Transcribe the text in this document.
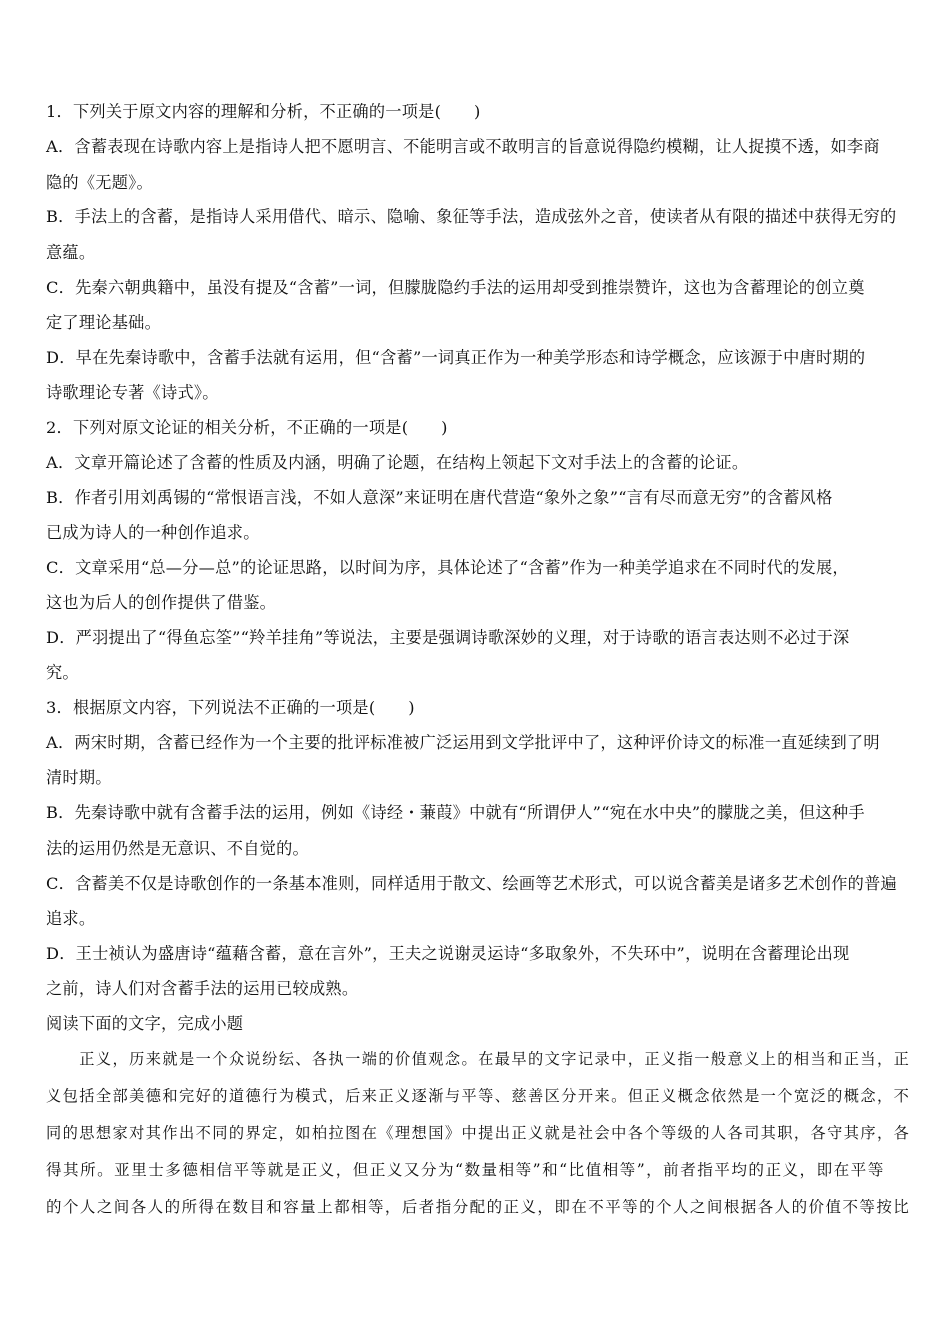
1．下列关于原文内容的理解和分析，不正确的一项是(　　)
A．含蓄表现在诗歌内容上是指诗人把不愿明言、不能明言或不敢明言的旨意说得隐约模糊，让人捉摸不透，如李商
隐的《无题》。
B．手法上的含蓄，是指诗人采用借代、暗示、隐喻、象征等手法，造成弦外之音，使读者从有限的描述中获得无穷的
意蕴。
C．先秦六朝典籍中，虽没有提及“含蓄”一词，但朦胧隐约手法的运用却受到推崇赞许，这也为含蓄理论的创立奠
定了理论基础。
D．早在先秦诗歌中，含蓄手法就有运用，但“含蓄”一词真正作为一种美学形态和诗学概念，应该源于中唐时期的
诗歌理论专著《诗式》。
2．下列对原文论证的相关分析，不正确的一项是(　　)
A．文章开篇论述了含蓄的性质及内涵，明确了论题，在结构上领起下文对手法上的含蓄的论证。
B．作者引用刘禹锡的“常恨语言浅，不如人意深”来证明在唐代营造“象外之象”“言有尽而意无穷”的含蓄风格
已成为诗人的一种创作追求。
C．文章采用“总—分—总”的论证思路，以时间为序，具体论述了“含蓄”作为一种美学追求在不同时代的发展，
这也为后人的创作提供了借鉴。
D．严羽提出了“得鱼忘筌”“羚羊挂角”等说法，主要是强调诗歌深妙的义理，对于诗歌的语言表达则不必过于深
究。
3．根据原文内容，下列说法不正确的一项是(　　)
A．两宋时期，含蓄已经作为一个主要的批评标准被广泛运用到文学批评中了，这种评价诗文的标准一直延续到了明
清时期。
B．先秦诗歌中就有含蓄手法的运用，例如《诗经・蒹葭》中就有“所谓伊人”“宛在水中央”的朦胧之美，但这种手
法的运用仍然是无意识、不自觉的。
C．含蓄美不仅是诗歌创作的一条基本准则，同样适用于散文、绘画等艺术形式，可以说含蓄美是诸多艺术创作的普遍
追求。
D．王士祯认为盛唐诗“蕴藉含蓄，意在言外”，王夫之说谢灵运诗“多取象外，不失环中”，说明在含蓄理论出现
之前，诗人们对含蓄手法的运用已较成熟。
阅读下面的文字，完成小题
　　正义，历来就是一个众说纷纭、各执一端的价值观念。在最早的文字记录中，正义指一般意义上的相当和正当，正
义包括全部美德和完好的道德行为模式，后来正义逐渐与平等、慈善区分开来。但正义概念依然是一个宽泛的概念，不
同的思想家对其作出不同的界定，如柏拉图在《理想国》中提出正义就是社会中各个等级的人各司其职，各守其序，各
得其所。亚里士多德相信平等就是正义，但正义又分为“数量相等”和“比值相等”，前者指平均的正义，即在平等
的个人之间各人的所得在数目和容量上都相等，后者指分配的正义，即在不平等的个人之间根据各人的价值不等按比
